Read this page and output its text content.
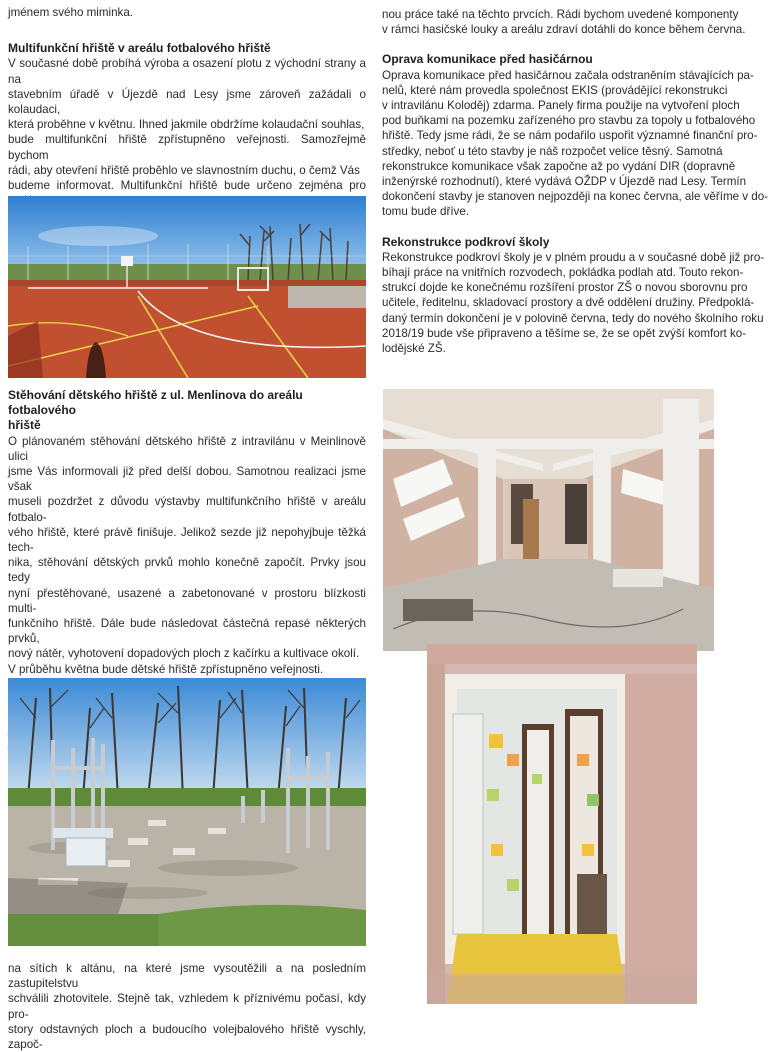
jménem svého miminka.

Multifunkční hřiště v areálu fotbalového hřiště

V současné době probíhá výroba a osazení plotu z východní strany a na

stavebním úřadě v Újezdě nad Lesy jsme zároveň zažádali o kolaudaci,

která proběhne v květnu. Ihned jakmile obdržíme kolaudační souhlas,

bude multifunkční hřiště zpřístupněno veřejnosti. Samozřejmě bychom

rádi, aby otevření hřiště proběhlo ve slavnostním duchu, o čemž Vás

budeme informovat. Multifunkční hřiště bude určeno zejména pro

Stěhování dětského hřiště z ul. Menlinova do areálu fotbalového
hřiště

O plánovaném stěhování dětského hřiště z intravilánu v Meinlinově ulici

jsme Vás informovali již před delší dobou. Samotnou realizaci jsme však

museli pozdržet z důvodu výstavby multifunkčního hřiště v areálu fotbalo-

vého hřiště, které právě finišuje. Jelikož sezde již nepohyjbuje těžká tech-

nika, stěhování dětských prvků mohlo konečně započít. Prvky jsou tedy

nyní přestěhované, usazené a zabetonované v prostoru blízkosti multi-

funkčního hřiště. Dále bude následovat částečná repasé některých prvků,

nový nátěr, vyhotovení dopadových ploch z kačírku a kultivace okolí.

V průběhu května bude dětské hřiště zpřístupněno veřejnosti.

na sítích k altánu, na které jsme vysoutěžili a na posledním zastupitelstvu

schválili zhotovitele. Stejně tak, vzhledem k příznivému počasí, kdy pro-

story odstavných ploch a budoucího volejbalového hřiště vyschly, započ-

nou práce také na těchto prvcích. Rádi bychom uvedené komponenty

v rámci hasičské louky a areálu zdraví dotáhli do konce během června.

Oprava komunikace před hasičárnou

Oprava komunikace před hasičárnou začala odstraněním stávajících pa-

nelů, které nám provedla společnost EKIS (provádějící rekonstrukci

v intravilánu Koloděj) zdarma. Panely firma použije na vytvoření ploch

pod buňkami na pozemku zařízeného pro stavbu za topoly u fotbalového

hřiště. Tedy jsme rádi, že se nám podařilo uspořit významné finanční pro-

středky, neboť u této stavby je náš rozpočet velice těsný. Samotná

rekonstrukce komunikace však započne až po vydání DIR (dopravně

inženýrské rozhodnutí), které vydává OŽDP v Újezdě nad Lesy. Termín

dokončení stavby je stanoven nejpozději na konec června, ale věříme v do-

tomu bude dříve.

Rekonstrukce podkroví školy

Rekonstrukce podkroví školy je v plném proudu a v současné době již pro-

bíhají práce na vnitřních rozvodech, pokládka podlah atd. Touto rekon-

strukcí dojde ke konečnému rozšíření prostor ZŠ o novou sborovnu pro

učitele, ředitelnu, skladovací prostory a dvě oddělení družiny. Předpoklá-

daný termín dokončení je v polovině června, tedy do nového školního roku

2018/19 bude vše připraveno a těšíme se, že se opět zvýší komfort ko-

lodějské ZŠ.
